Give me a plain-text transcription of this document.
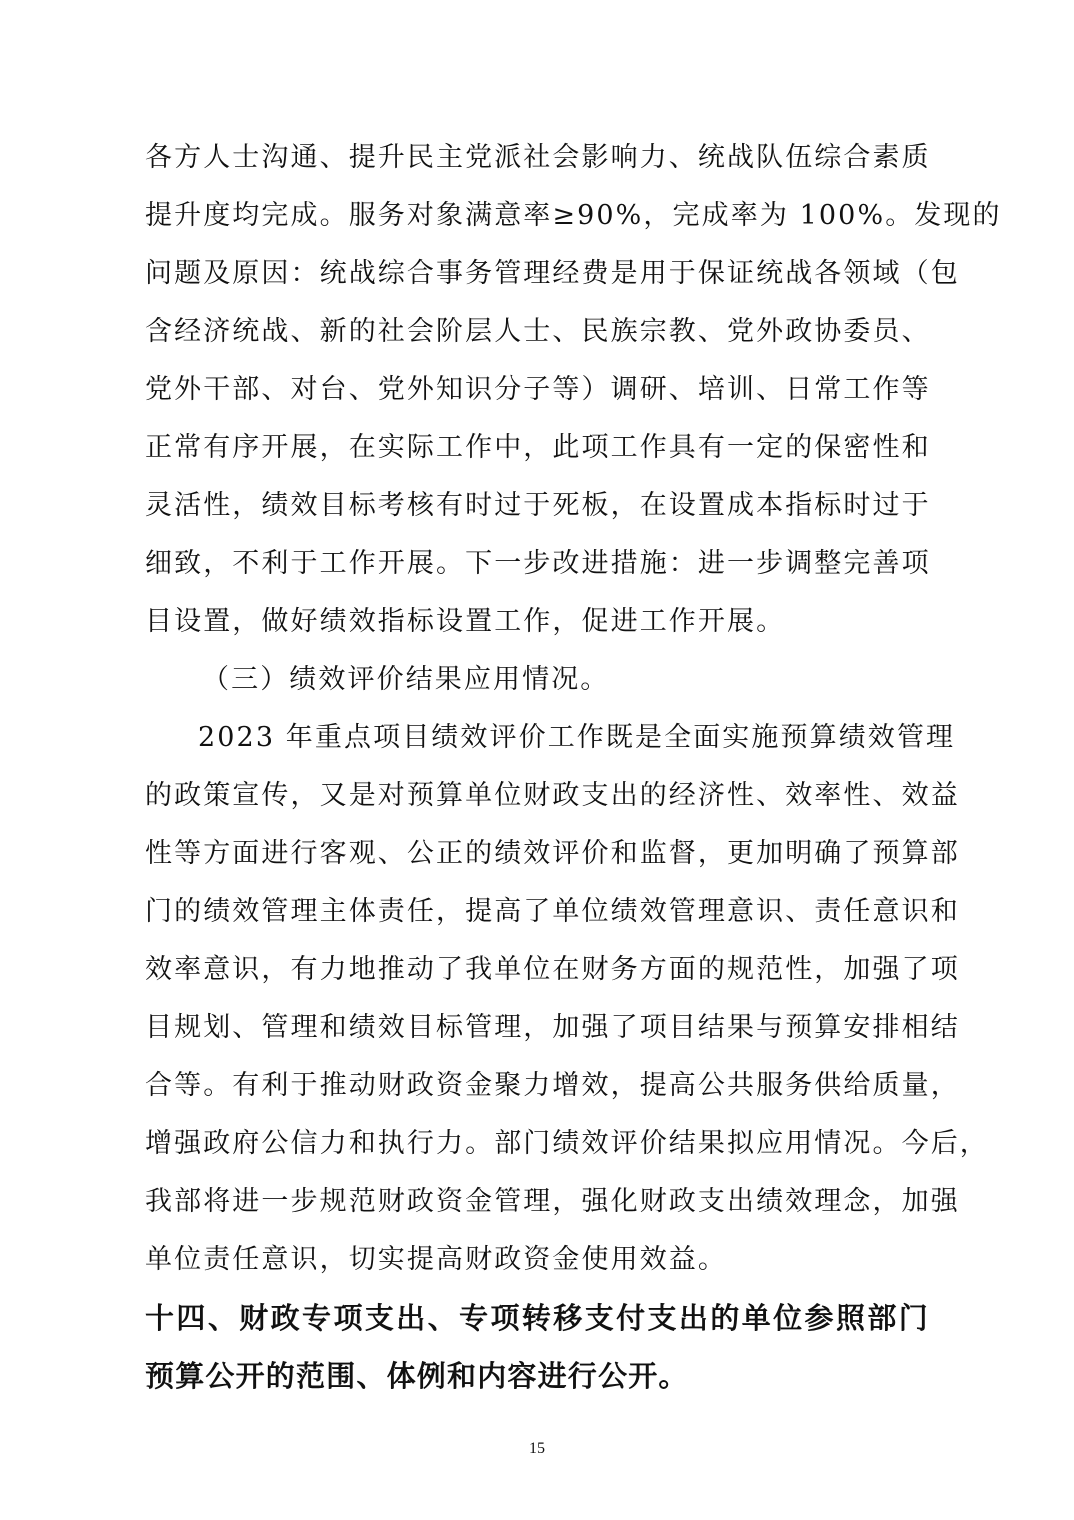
各方人士沟通、提升民主党派社会影响力、统战队伍综合素质
提升度均完成。服务对象满意率≥90%，完成率为 100%。发现的
问题及原因：统战综合事务管理经费是用于保证统战各领域（包
含经济统战、新的社会阶层人士、民族宗教、党外政协委员、
党外干部、对台、党外知识分子等）调研、培训、日常工作等
正常有序开展，在实际工作中，此项工作具有一定的保密性和
灵活性，绩效目标考核有时过于死板，在设置成本指标时过于
细致，不利于工作开展。下一步改进措施：进一步调整完善项
目设置，做好绩效指标设置工作，促进工作开展。
（三）绩效评价结果应用情况。
2023 年重点项目绩效评价工作既是全面实施预算绩效管理
的政策宣传，又是对预算单位财政支出的经济性、效率性、效益
性等方面进行客观、公正的绩效评价和监督，更加明确了预算部
门的绩效管理主体责任，提高了单位绩效管理意识、责任意识和
效率意识，有力地推动了我单位在财务方面的规范性，加强了项
目规划、管理和绩效目标管理，加强了项目结果与预算安排相结
合等。有利于推动财政资金聚力增效，提高公共服务供给质量，
增强政府公信力和执行力。部门绩效评价结果拟应用情况。今后，
我部将进一步规范财政资金管理，强化财政支出绩效理念，加强
单位责任意识，切实提高财政资金使用效益。
十四、财政专项支出、专项转移支付支出的单位参照部门
预算公开的范围、体例和内容进行公开。
15
